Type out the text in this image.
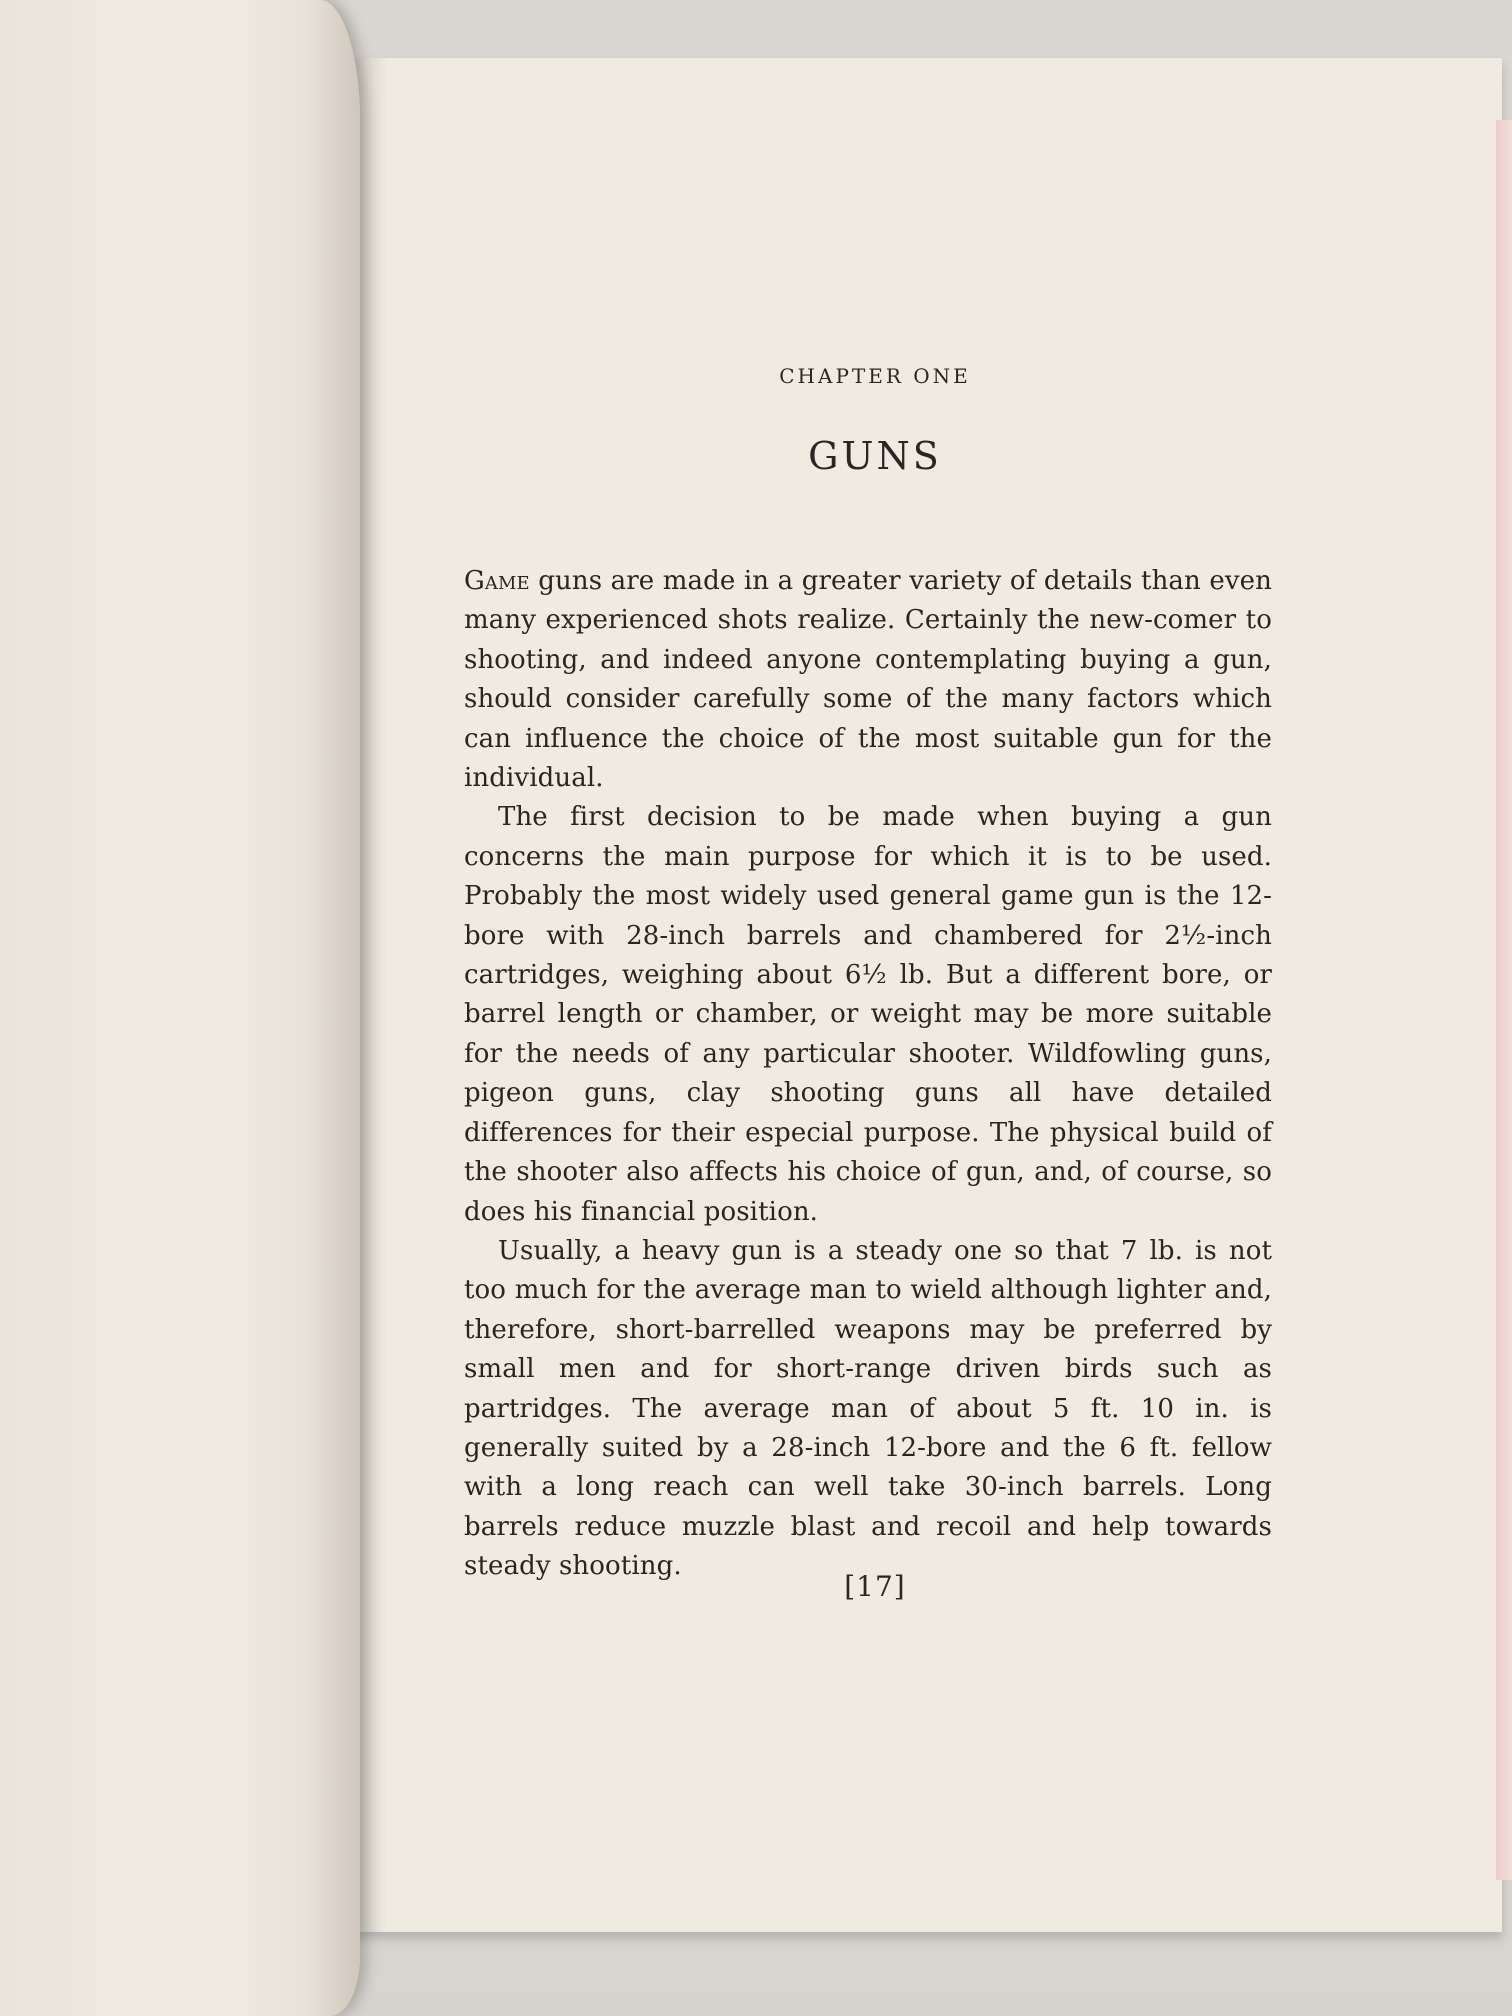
CHAPTER ONE
GUNS

Game guns are made in a greater variety of details than even many experienced shots realize. Certainly the new-comer to shooting, and indeed anyone contemplating buying a gun, should consider carefully some of the many factors which can influence the choice of the most suitable gun for the individual.

The first decision to be made when buying a gun concerns the main purpose for which it is to be used. Probably the most widely used general game gun is the 12-bore with 28-inch barrels and chambered for 2½-inch cartridges, weighing about 6½ lb. But a different bore, or barrel length or chamber, or weight may be more suitable for the needs of any particular shooter. Wildfowling guns, pigeon guns, clay shooting guns all have detailed differences for their especial purpose. The physical build of the shooter also affects his choice of gun, and, of course, so does his financial position.

Usually, a heavy gun is a steady one so that 7 lb. is not too much for the average man to wield although lighter and, therefore, short-barrelled weapons may be preferred by small men and for short-range driven birds such as partridges. The average man of about 5 ft. 10 in. is generally suited by a 28-inch 12-bore and the 6 ft. fellow with a long reach can well take 30-inch barrels. Long barrels reduce muzzle blast and recoil and help towards steady shooting.

[17]
